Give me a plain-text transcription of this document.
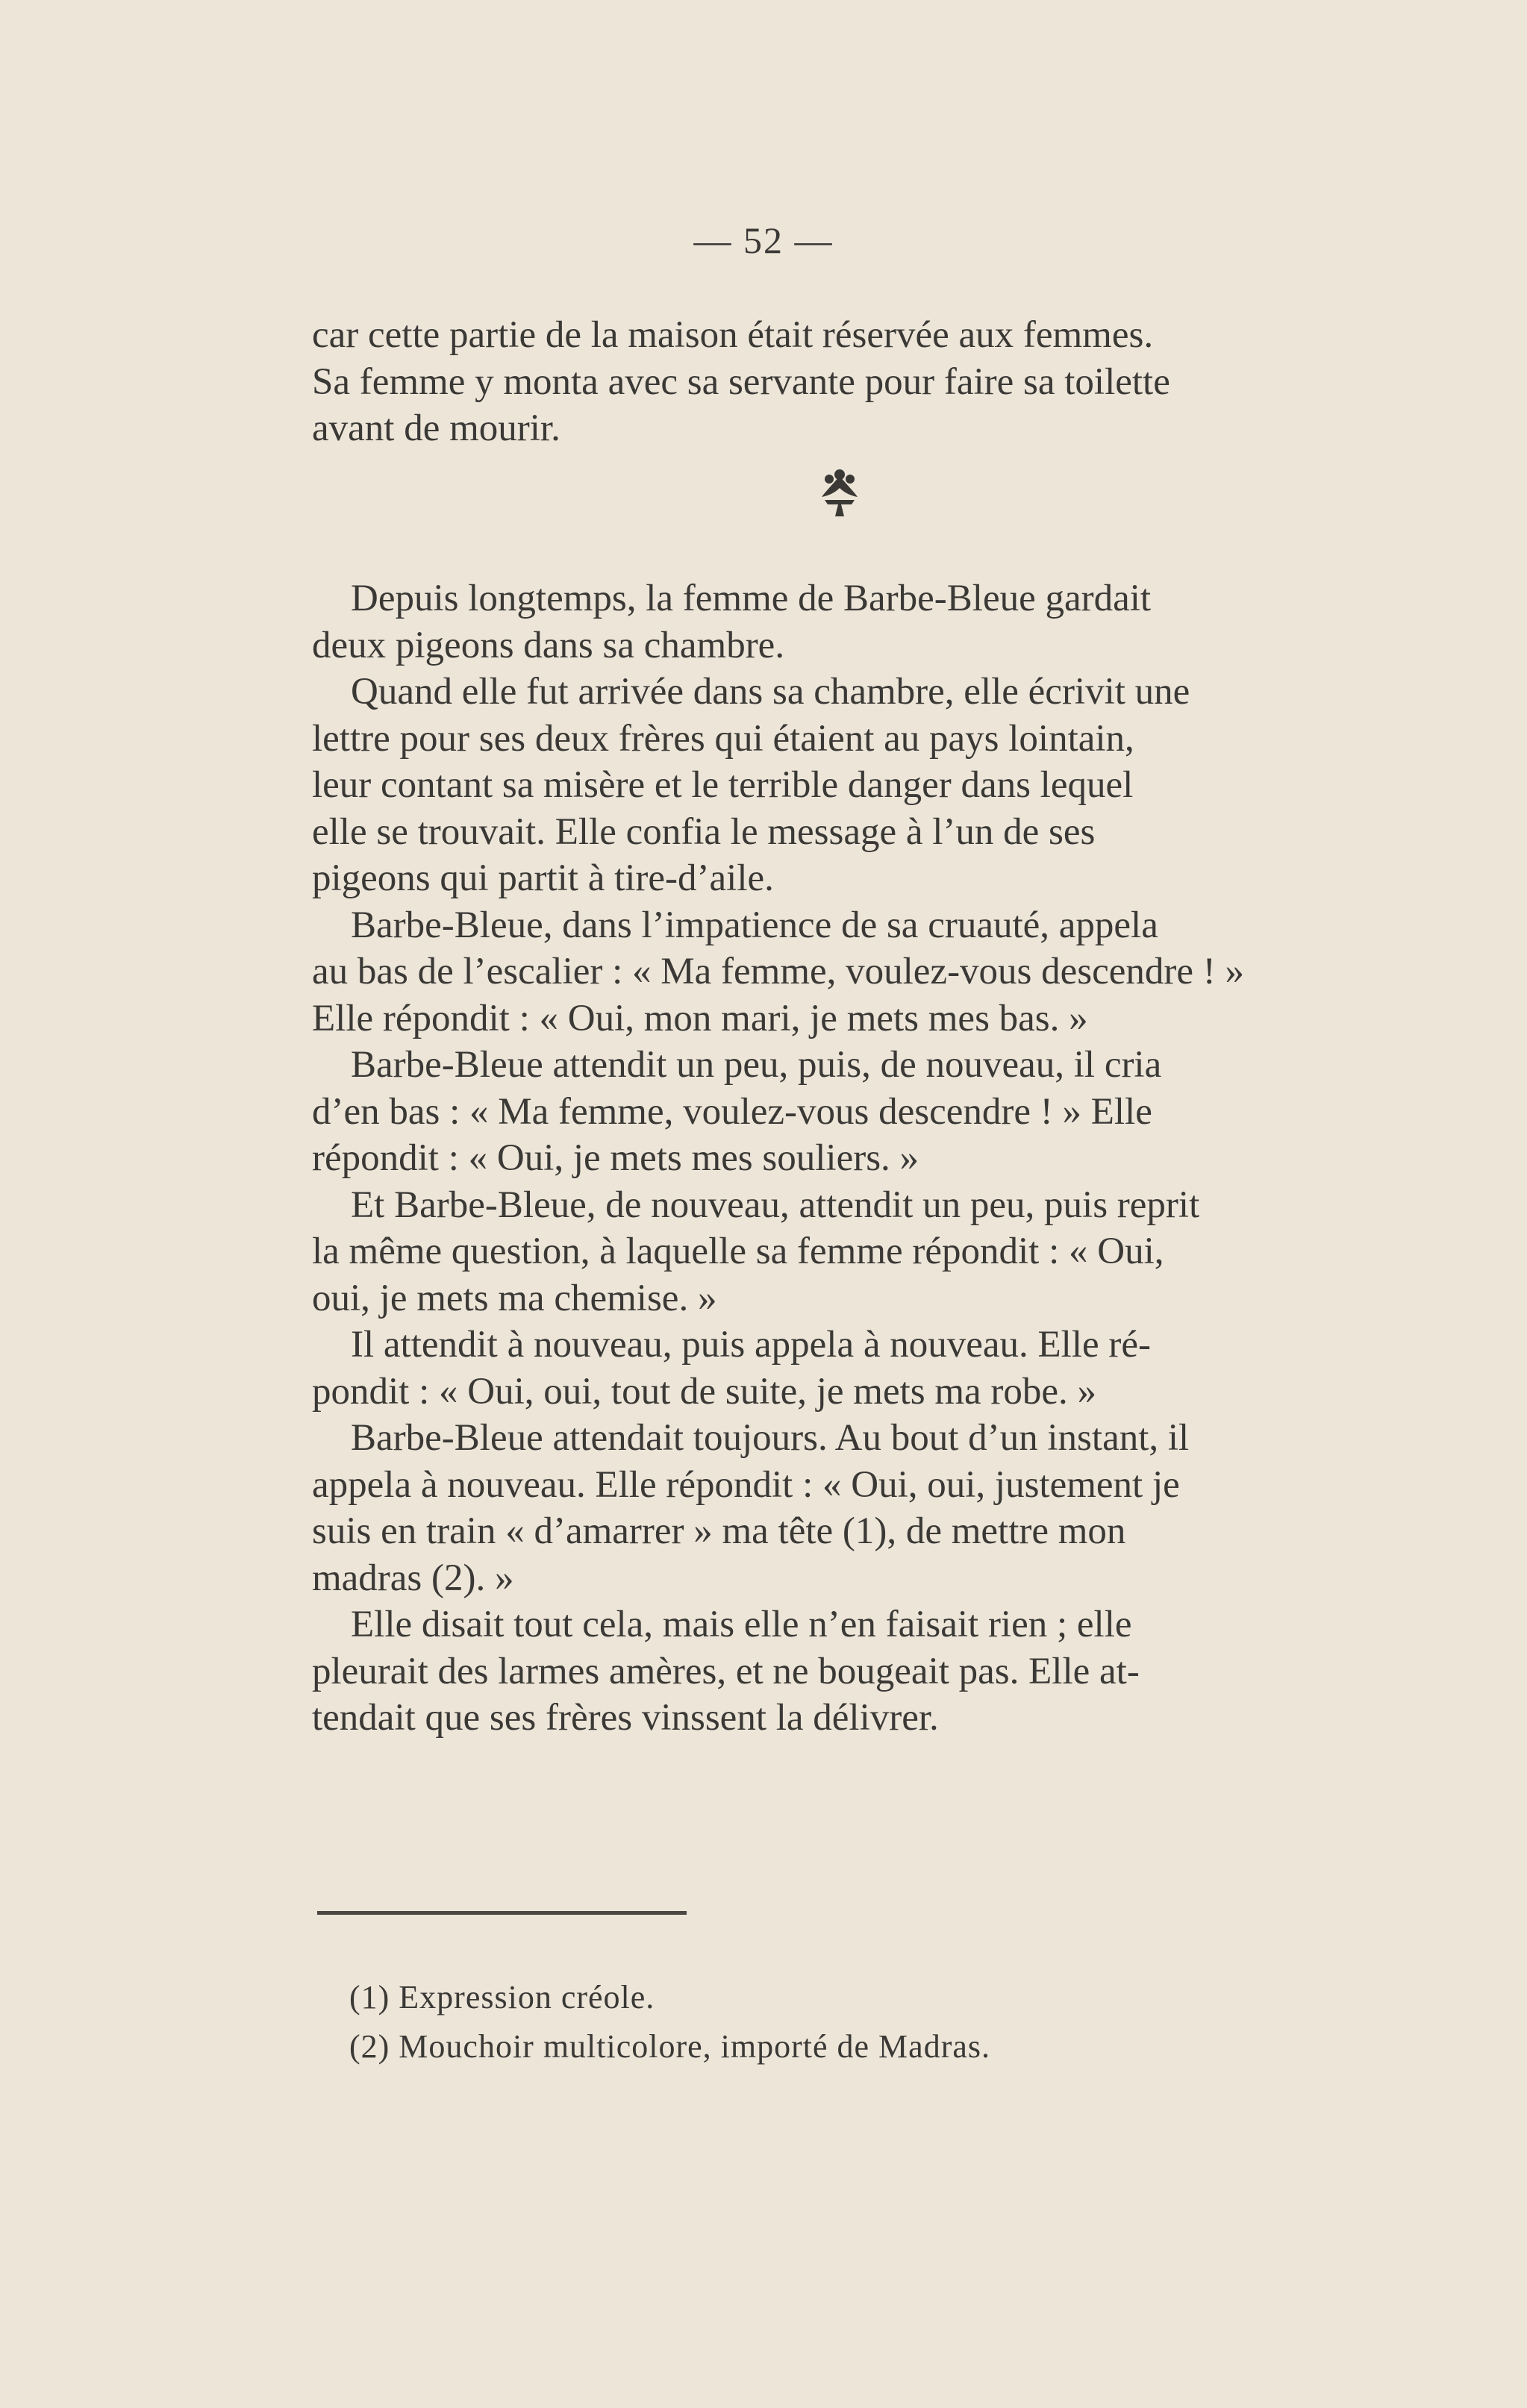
— 52 —

car cette partie de la maison était réservée aux femmes.
Sa femme y monta avec sa servante pour faire sa toilette
avant de mourir.

Depuis longtemps, la femme de Barbe-Bleue gardait
deux pigeons dans sa chambre.

Quand elle fut arrivée dans sa chambre, elle écrivit une
lettre pour ses deux frères qui étaient au pays lointain,
leur contant sa misère et le terrible danger dans lequel
elle se trouvait. Elle confia le message à l’un de ses
pigeons qui partit à tire-d’aile.

Barbe-Bleue, dans l’impatience de sa cruauté, appela
au bas de l’escalier : « Ma femme, voulez-vous descendre ! »
Elle répondit : « Oui, mon mari, je mets mes bas. »

Barbe-Bleue attendit un peu, puis, de nouveau, il cria
d’en bas : « Ma femme, voulez-vous descendre ! » Elle
répondit : « Oui, je mets mes souliers. »

Et Barbe-Bleue, de nouveau, attendit un peu, puis reprit
la même question, à laquelle sa femme répondit : « Oui,
oui, je mets ma chemise. »

Il attendit à nouveau, puis appela à nouveau. Elle ré-
pondit : « Oui, oui, tout de suite, je mets ma robe. »

Barbe-Bleue attendait toujours. Au bout d’un instant, il
appela à nouveau. Elle répondit : « Oui, oui, justement je
suis en train « d’amarrer » ma tête (1), de mettre mon
madras (2). »

Elle disait tout cela, mais elle n’en faisait rien ; elle
pleurait des larmes amères, et ne bougeait pas. Elle at-
tendait que ses frères vinssent la délivrer.

(1) Expression créole.

(2) Mouchoir multicolore, importé de Madras.
